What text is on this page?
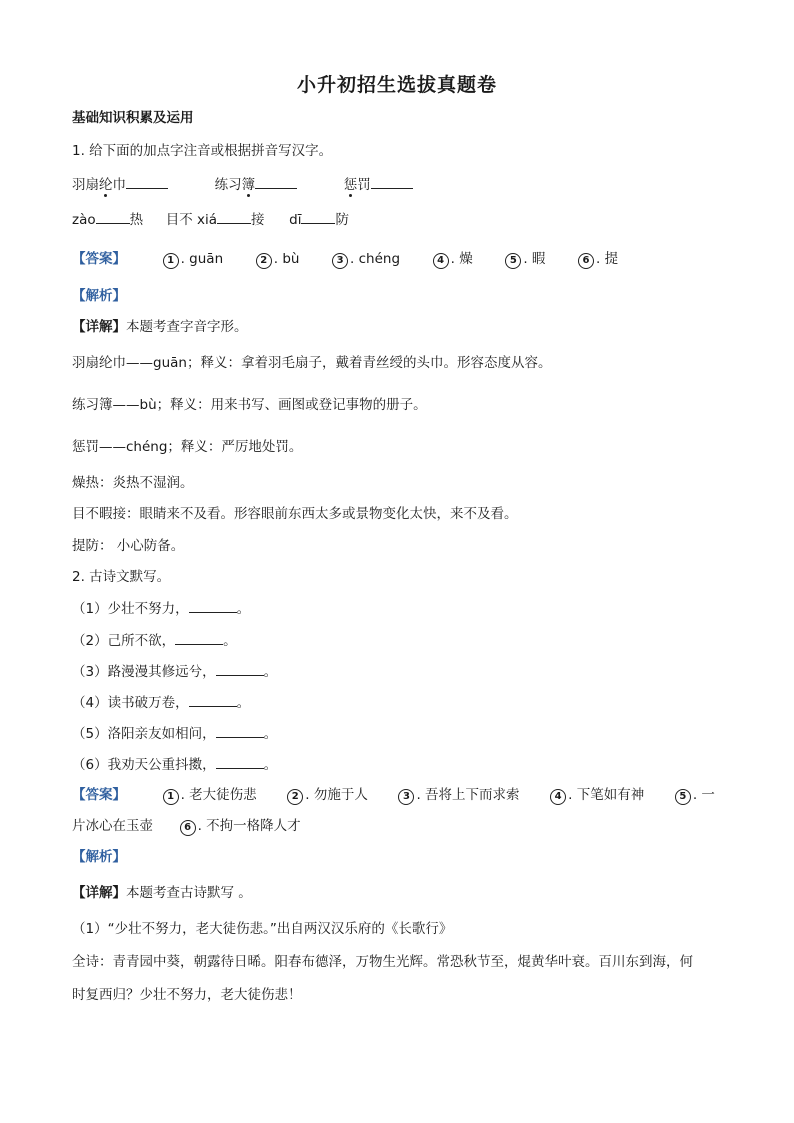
小升初招生选拔真题卷
基础知识积累及运用
1. 给下面的加点字注音或根据拼音写汉字。
羽扇纶巾	练习簿	惩罚
zào	热 目不 xiá	接 dī	防
【答案】	1 . guān	2 . bù	3 . chéng	4 . 燥	5 . 暇	6 . 提
【解析】
【详解】本题考查字音字形。
羽扇纶巾——guān；释义：拿着羽毛扇子，戴着青丝绶的头巾。形容态度从容。
练习簿——bù；释义：用来书写、画图或登记事物的册子。
惩罚——chéng；释义：严厉地处罚。
燥热：炎热不湿润。
目不暇接：眼睛来不及看。形容眼前东西太多或景物变化太快，来不及看。
提防： 小心防备。
2. 古诗文默写。
（1）少壮不努力，	。
（2）己所不欲，	。
（3）路漫漫其修远兮，	。
（4）读书破万卷，	。
（5）洛阳亲友如相问，	。
（6）我劝天公重抖擞，	。
【答案】	1 . 老大徒伤悲	2 . 勿施于人	3 . 吾将上下而求索	4 . 下笔如有神	5 . 一
片冰心在玉壶	6 . 不拘一格降人才
【解析】
【详解】本题考查古诗默写 。
（1）“少壮不努力，老大徒伤悲。”出自两汉汉乐府的《长歌行》
全诗：青青园中葵，朝露待日晞。阳春布德泽，万物生光辉。常恐秋节至，焜黄华叶衰。百川东到海，何
时复西归？少壮不努力，老大徒伤悲！
